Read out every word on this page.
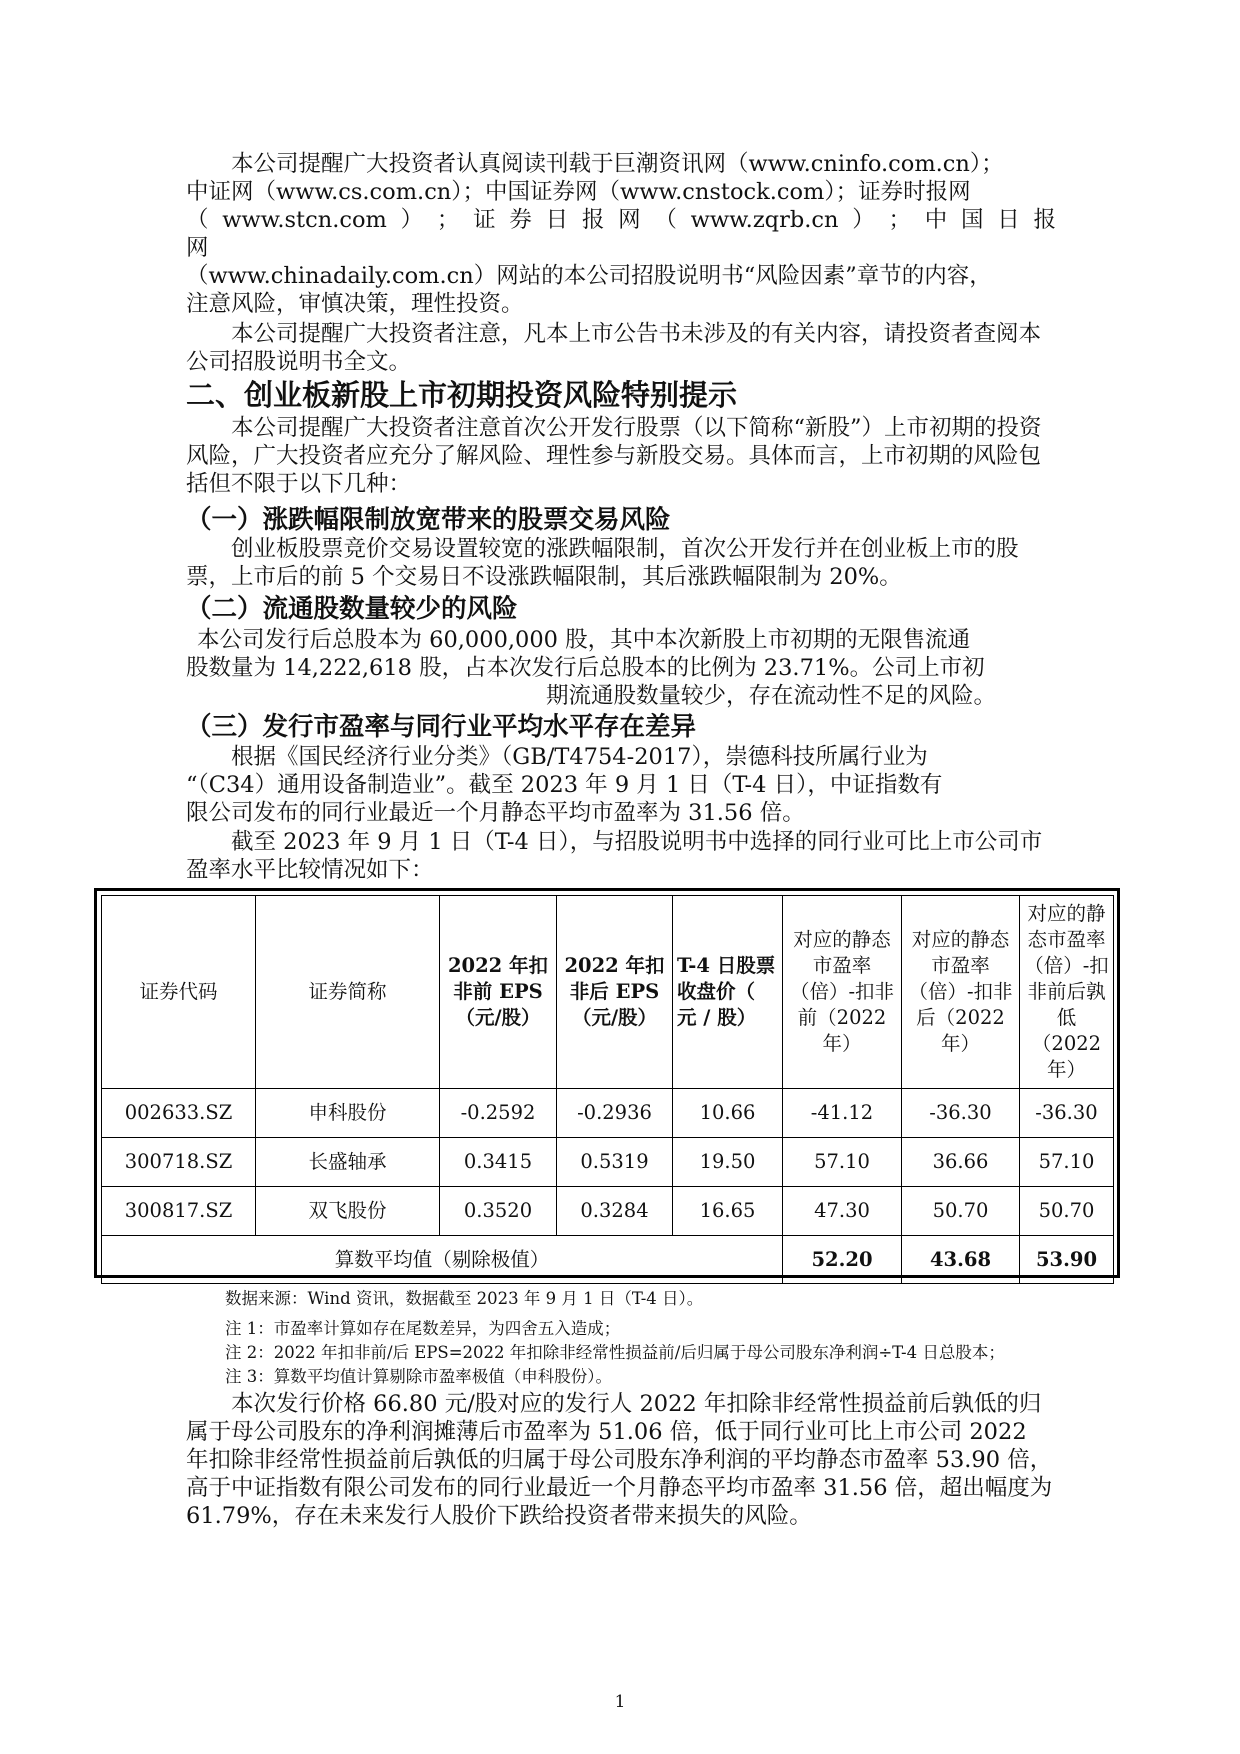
本公司提醒广大投资者认真阅读刊载于巨潮资讯网（www.cninfo.com.cn）；
中证网（www.cs.com.cn）；中国证券网（www.cnstock.com）；证券时报网
（ www.stcn.com ） ； 证 券 日 报 网 （ www.zqrb.cn ） ； 中 国 日 报
网
（www.chinadaily.com.cn）网站的本公司招股说明书“风险因素”章节的内容，
注意风险，审慎决策，理性投资。

本公司提醒广大投资者注意，凡本上市公告书未涉及的有关内容，请投资者查阅本公司招股说明书全文。

二、创业板新股上市初期投资风险特别提示

本公司提醒广大投资者注意首次公开发行股票（以下简称“新股”）上市初期的投资风险，广大投资者应充分了解风险、理性参与新股交易。具体而言，上市初期的风险包括但不限于以下几种：

（一）涨跌幅限制放宽带来的股票交易风险

创业板股票竞价交易设置较宽的涨跌幅限制，首次公开发行并在创业板上市的股票，上市后的前 5 个交易日不设涨跌幅限制，其后涨跌幅限制为 20%。

（二）流通股数量较少的风险
本公司发行后总股本为 60,000,000 股，其中本次新股上市初期的无限售流通
股数量为 14,222,618 股，占本次发行后总股本的比例为 23.71%。公司上市初
期流通股数量较少，存在流动性不足的风险。
（三）发行市盈率与同行业平均水平存在差异
根据《国民经济行业分类》（GB/T4754-2017），崇德科技所属行业为
“（C34）通用设备制造业”。截至 2023 年 9 月 1 日（T-4 日），中证指数有
限公司发布的同行业最近一个月静态平均市盈率为 31.56 倍。

截至 2023 年 9 月 1 日（T-4 日），与招股说明书中选择的同行业可比上市公司市盈率水平比较情况如下：

证券代码	证券简称	2022 年扣非前 EPS（元/股）	2022 年扣非后 EPS（元/股）	T-4 日股票收盘价（ 元 / 股）	对应的静态市盈率（倍）-扣非前（2022 年）	对应的静态市盈率（倍）-扣非后（2022 年）	对应的静态市盈率（倍）-扣非前后孰低（2022 年）
002633.SZ	申科股份	-0.2592	-0.2936	10.66	-41.12	-36.30	-36.30
300718.SZ	长盛轴承	0.3415	0.5319	19.50	57.10	36.66	57.10
300817.SZ	双飞股份	0.3520	0.3284	16.65	47.30	50.70	50.70
算数平均值（剔除极值）					52.20	43.68	53.90

数据来源：Wind 资讯，数据截至 2023 年 9 月 1 日（T-4 日）。

注 1：市盈率计算如存在尾数差异，为四舍五入造成；

注 2：2022 年扣非前/后 EPS=2022 年扣除非经常性损益前/后归属于母公司股东净利润÷T-4 日总股本；

注 3：算数平均值计算剔除市盈率极值（申科股份）。

本次发行价格 66.80 元/股对应的发行人 2022 年扣除非经常性损益前后孰低的归属于母公司股东的净利润摊薄后市盈率为 51.06 倍，低于同行业可比上市公司 2022 年扣除非经常性损益前后孰低的归属于母公司股东净利润的平均静态市盈率 53.90 倍，高于中证指数有限公司发布的同行业最近一个月静态平均市盈率 31.56 倍，超出幅度为 61.79%，存在未来发行人股价下跌给投资者带来损失的风险。

1
